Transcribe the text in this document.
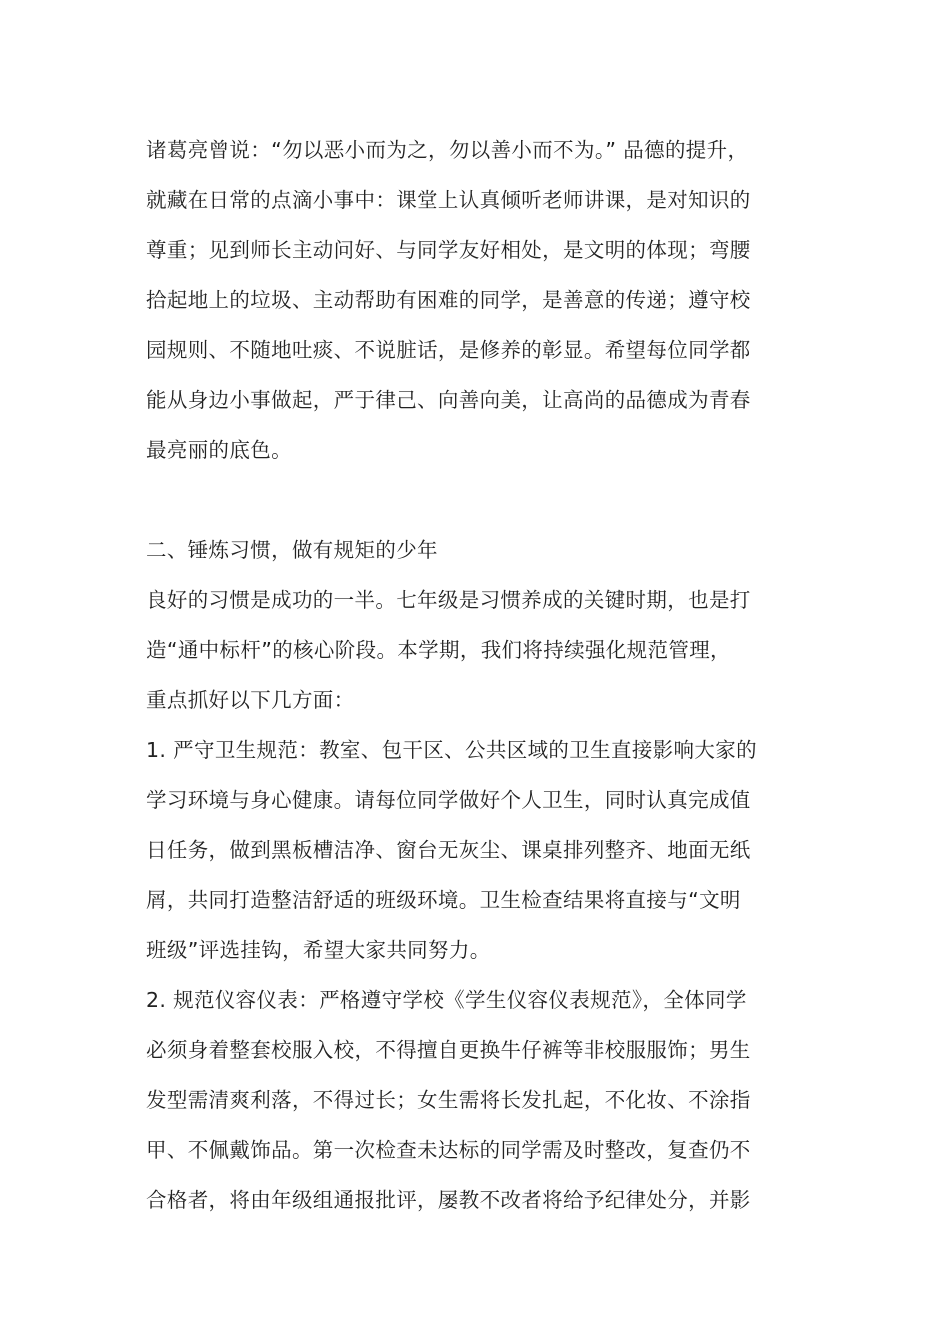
诸葛亮曾说：“勿以恶小而为之，勿以善小而不为。” 品德的提升，
就藏在日常的点滴小事中：课堂上认真倾听老师讲课，是对知识的
尊重；见到师长主动问好、与同学友好相处，是文明的体现；弯腰
拾起地上的垃圾、主动帮助有困难的同学，是善意的传递；遵守校
园规则、不随地吐痰、不说脏话，是修养的彰显。希望每位同学都
能从身边小事做起，严于律己、向善向美，让高尚的品德成为青春
最亮丽的底色。
二、锤炼习惯，做有规矩的少年
良好的习惯是成功的一半。七年级是习惯养成的关键时期，也是打
造“通中标杆”的核心阶段。本学期，我们将持续强化规范管理，
重点抓好以下几方面：
1. 严守卫生规范：教室、包干区、公共区域的卫生直接影响大家的
学习环境与身心健康。请每位同学做好个人卫生，同时认真完成值
日任务，做到黑板槽洁净、窗台无灰尘、课桌排列整齐、地面无纸
屑，共同打造整洁舒适的班级环境。卫生检查结果将直接与“文明
班级”评选挂钩，希望大家共同努力。
2. 规范仪容仪表：严格遵守学校《学生仪容仪表规范》，全体同学
必须身着整套校服入校，不得擅自更换牛仔裤等非校服服饰；男生
发型需清爽利落，不得过长；女生需将长发扎起，不化妆、不涂指
甲、不佩戴饰品。第一次检查未达标的同学需及时整改，复查仍不
合格者，将由年级组通报批评，屡教不改者将给予纪律处分，并影
